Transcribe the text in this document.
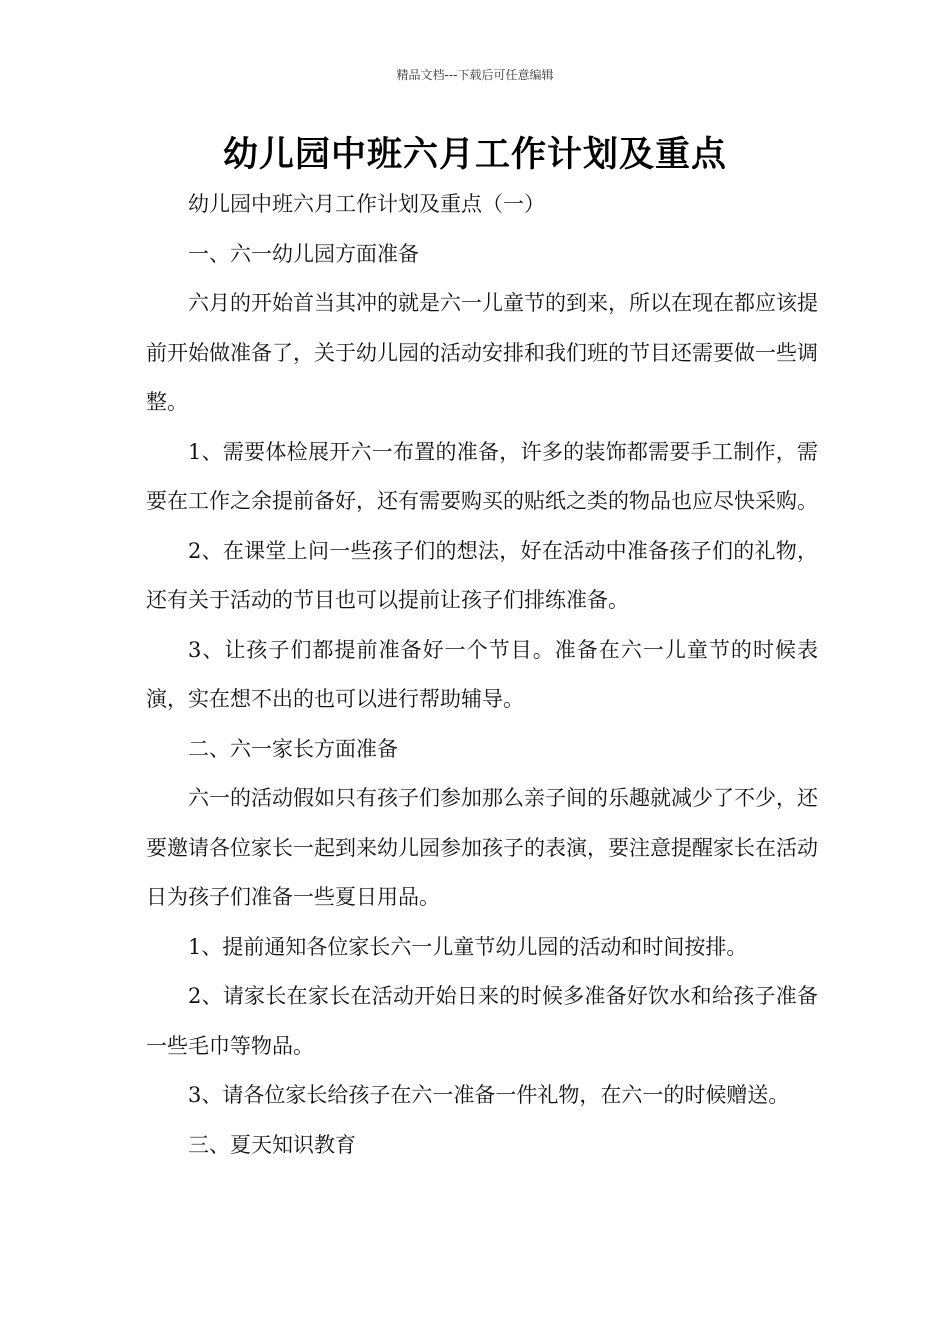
精品文档---下载后可任意编辑
幼儿园中班六月工作计划及重点

幼儿园中班六月工作计划及重点（一）

一、六一幼儿园方面准备

六月的开始首当其冲的就是六一儿童节的到来，所以在现在都应该提前开始做准备了，关于幼儿园的活动安排和我们班的节目还需要做一些调整。

1、需要体检展开六一布置的准备，许多的装饰都需要手工制作，需要在工作之余提前备好，还有需要购买的贴纸之类的物品也应尽快采购。

2、在课堂上问一些孩子们的想法，好在活动中准备孩子们的礼物，还有关于活动的节目也可以提前让孩子们排练准备。

3、让孩子们都提前准备好一个节目。准备在六一儿童节的时候表演，实在想不出的也可以进行帮助辅导。

二、六一家长方面准备

六一的活动假如只有孩子们参加那么亲子间的乐趣就减少了不少，还要邀请各位家长一起到来幼儿园参加孩子的表演，要注意提醒家长在活动日为孩子们准备一些夏日用品。

1、提前通知各位家长六一儿童节幼儿园的活动和时间按排。

2、请家长在家长在活动开始日来的时候多准备好饮水和给孩子准备一些毛巾等物品。

3、请各位家长给孩子在六一准备一件礼物，在六一的时候赠送。

三、夏天知识教育
